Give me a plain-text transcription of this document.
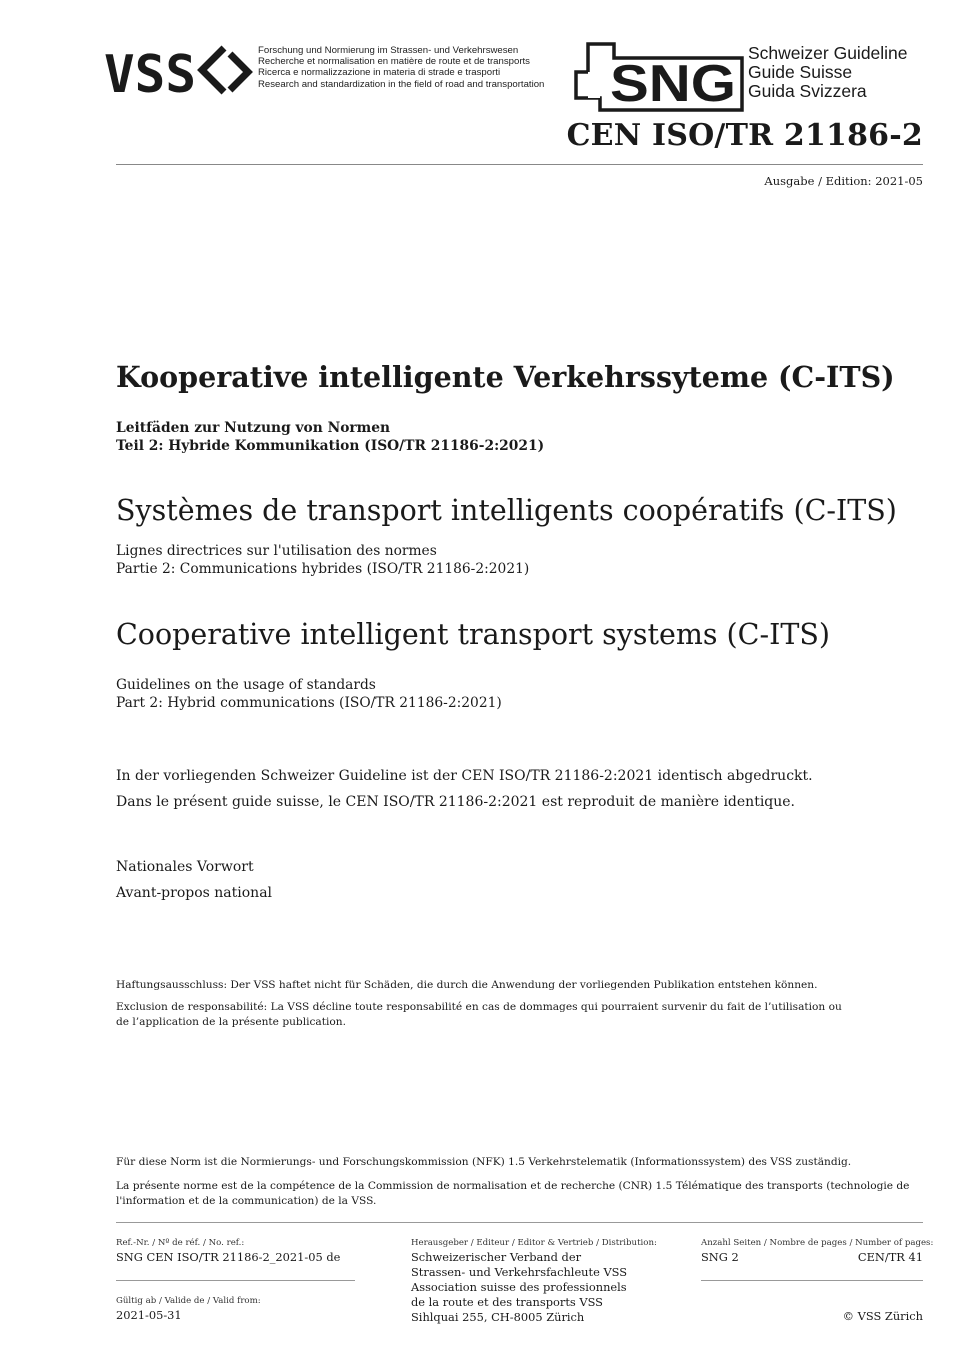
VSS	Forschung und Normierung im Strassen- und Verkehrswesen
Recherche et normalisation en matière de route et de transports
Ricerca e normalizzazione in materia di strade e trasporti
Research and standardization in the field of road and transportation SNG
Schweizer Guideline
Guide Suisse
Guida Svizzera
CEN ISO/TR 21186-2
Ausgabe / Edition: 2021-05
Kooperative intelligente Verkehrssyteme (C-ITS)
Leitfäden zur Nutzung von Normen
Teil 2: Hybride Kommunikation (ISO/TR 21186-2:2021)
Systèmes de transport intelligents coopératifs (C-ITS)
Lignes directrices sur l'utilisation des normes
Partie 2: Communications hybrides (ISO/TR 21186-2:2021)
Cooperative intelligent transport systems (C-ITS)
Guidelines on the usage of standards
Part 2: Hybrid communications (ISO/TR 21186-2:2021)
In der vorliegenden Schweizer Guideline ist der CEN ISO/TR 21186-2:2021 identisch abgedruckt.
Dans le présent guide suisse, le CEN ISO/TR 21186-2:2021 est reproduit de manière identique.
Nationales Vorwort
Avant-propos national
Haftungsausschluss: Der VSS haftet nicht für Schäden, die durch die Anwendung der vorliegenden Publikation entstehen können.
Exclusion de responsabilité: La VSS décline toute responsabilité en cas de dommages qui pourraient survenir du fait de l’utilisation ou de l’application de la présente publication.
Für diese Norm ist die Normierungs- und Forschungskommission (NFK) 1.5 Verkehrstelematik (Informationssystem) des VSS zuständig.
La présente norme est de la compétence de la Commission de normalisation et de recherche (CNR) 1.5 Télématique des transports (technologie de l'information et de la communication) de la VSS.
Ref.-Nr. / Nº de réf. / No. ref.:
SNG CEN ISO/TR 21186-2_2021-05 de
Gültig ab / Valide de / Valid from:
2021-05-31
Herausgeber / Editeur / Editor & Vertrieb / Distribution:
Schweizerischer Verband der
Strassen- und Verkehrsfachleute VSS
Association suisse des professionnels
de la route et des transports VSS
Sihlquai 255, CH-8005 Zürich
Anzahl Seiten / Nombre de pages / Number of pages:
SNG 2	CEN/TR 41
© VSS Zürich
